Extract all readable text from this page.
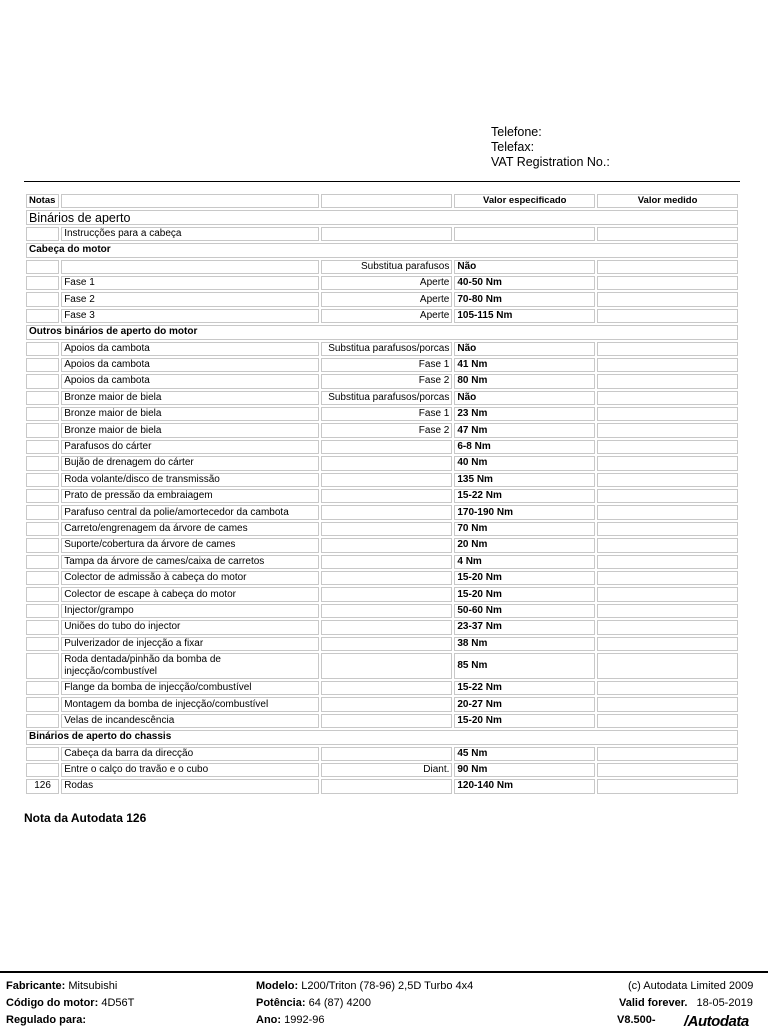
Telefone:
Telefax:
VAT Registration No.:
Notas			Valor especificado	Valor medido
Binários de aperto				
	Instrucções para a cabeça			
Cabeça do motor				
		Substitua parafusos	Não	
	Fase 1	Aperte	40-50 Nm	
	Fase 2	Aperte	70-80 Nm	
	Fase 3	Aperte	105-115 Nm	
Outros binários de aperto do motor				
	Apoios da cambota	Substitua parafusos/porcas	Não	
	Apoios da cambota	Fase 1	41 Nm	
	Apoios da cambota	Fase 2	80 Nm	
	Bronze maior de biela	Substitua parafusos/porcas	Não	
	Bronze maior de biela	Fase 1	23 Nm	
	Bronze maior de biela	Fase 2	47 Nm	
	Parafusos do cárter		6-8 Nm	
	Bujão de drenagem do cárter		40 Nm	
	Roda volante/disco de transmissão		135 Nm	
	Prato de pressão da embraiagem		15-22 Nm	
	Parafuso central da polie/amortecedor da cambota		170-190 Nm	
	Carreto/engrenagem da árvore de cames		70 Nm	
	Suporte/cobertura da árvore de cames		20 Nm	
	Tampa da árvore de cames/caixa de carretos		4 Nm	
	Colector de admissão à cabeça do motor		15-20 Nm	
	Colector de escape à cabeça do motor		15-20 Nm	
	Injector/grampo		50-60 Nm	
	Uniões do tubo do injector		23-37 Nm	
	Pulverizador de injecção a fixar		38 Nm	
	Roda dentada/pinhão da bomba de injecção/combustível		85 Nm	
	Flange da bomba de injecção/combustível		15-22 Nm	
	Montagem da bomba de injecção/combustível		20-27 Nm	
	Velas de incandescência		15-20 Nm	
Binários de aperto do chassis				
	Cabeça da barra da direcção		45 Nm	
	Entre o calço do travão e o cubo	Diant.	90 Nm	
126	Rodas		120-140 Nm	
Nota da Autodata 126
Fabricante: Mitsubishi
Código do motor: 4D56T
Regulado para:
Modelo: L200/Triton (78-96) 2,5D Turbo 4x4
Potência: 64 (87) 4200
Ano: 1992-96
(c) Autodata Limited 2009
Valid forever. 18-05-2019
V8.500- /Autodata
